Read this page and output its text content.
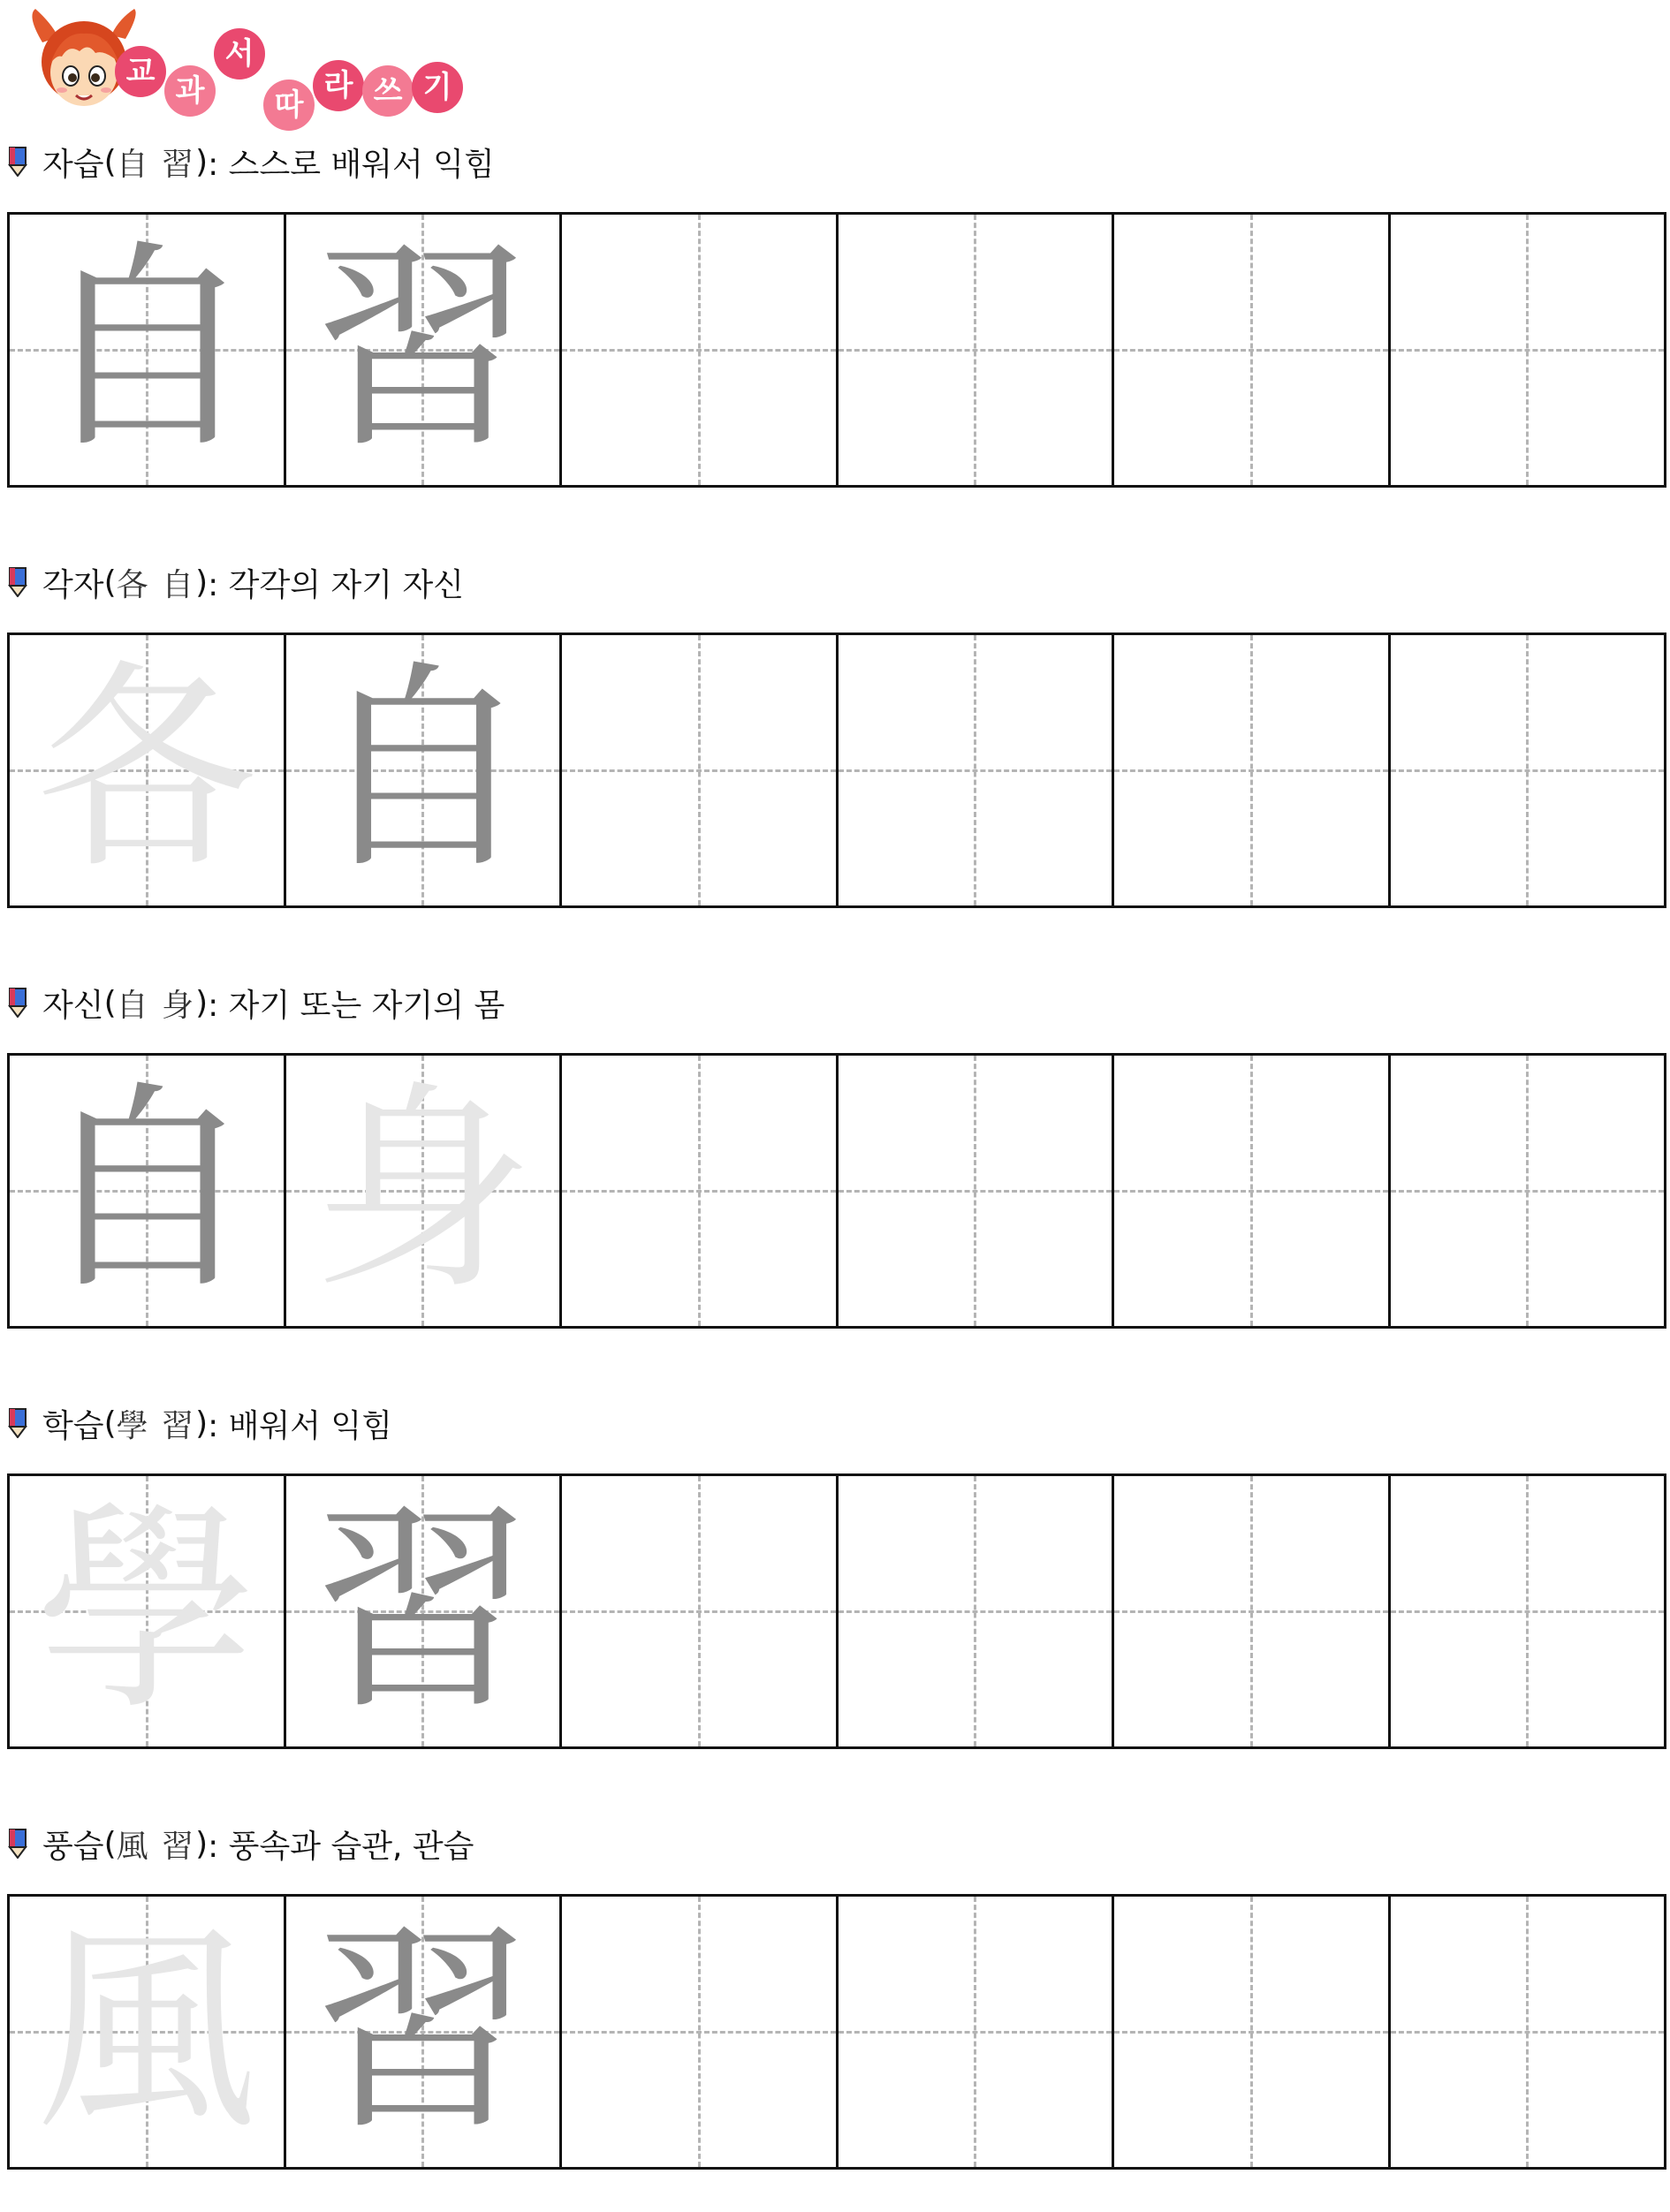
교
과
서
따
라 쓰 기
자습 ( 自 習 ) : 스스로 배워서 익힘
自 習
각자 ( 各 自 ) : 각각의 자기 자신
各 自
자신 ( 自 身 ) : 자기 또는 자기의 몸
自 身
학습 ( 學 習 ) : 배워서 익힘
學 習
풍습 ( 風 習 ) : 풍속과 습관, 관습
風 習
